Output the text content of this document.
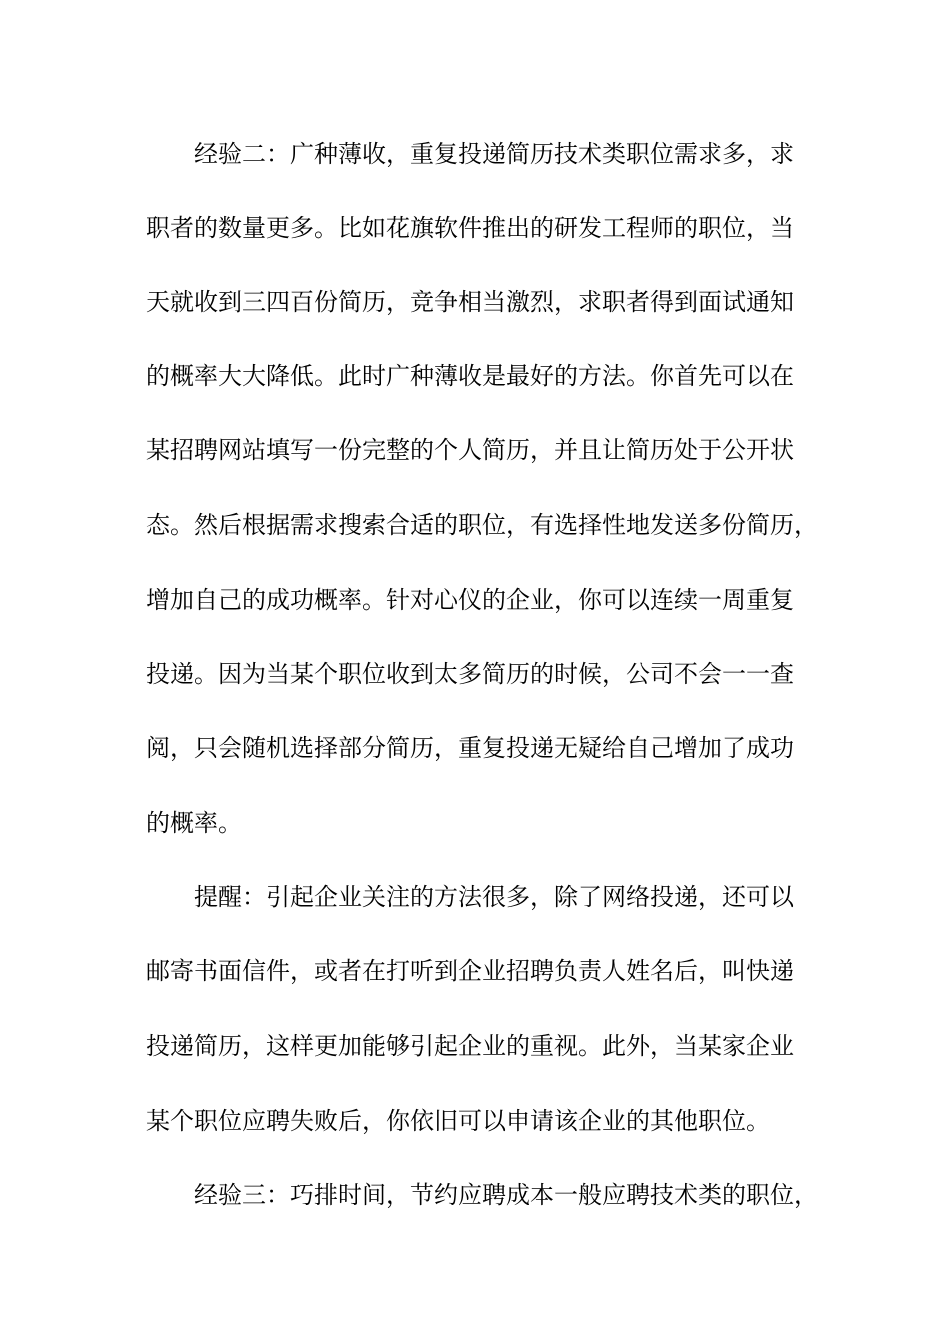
　　经验二：广种薄收，重复投递简历技术类职位需求多，求
职者的数量更多。比如花旗软件推出的研发工程师的职位，当
天就收到三四百份简历，竞争相当激烈，求职者得到面试通知
的概率大大降低。此时广种薄收是最好的方法。你首先可以在
某招聘网站填写一份完整的个人简历，并且让简历处于公开状
态。然后根据需求搜索合适的职位，有选择性地发送多份简历，
增加自己的成功概率。针对心仪的企业，你可以连续一周重复
投递。因为当某个职位收到太多简历的时候，公司不会一一查
阅，只会随机选择部分简历，重复投递无疑给自己增加了成功
的概率。
　　提醒：引起企业关注的方法很多，除了网络投递，还可以
邮寄书面信件，或者在打听到企业招聘负责人姓名后，叫快递
投递简历，这样更加能够引起企业的重视。此外，当某家企业
某个职位应聘失败后，你依旧可以申请该企业的其他职位。
　　经验三：巧排时间，节约应聘成本一般应聘技术类的职位，
